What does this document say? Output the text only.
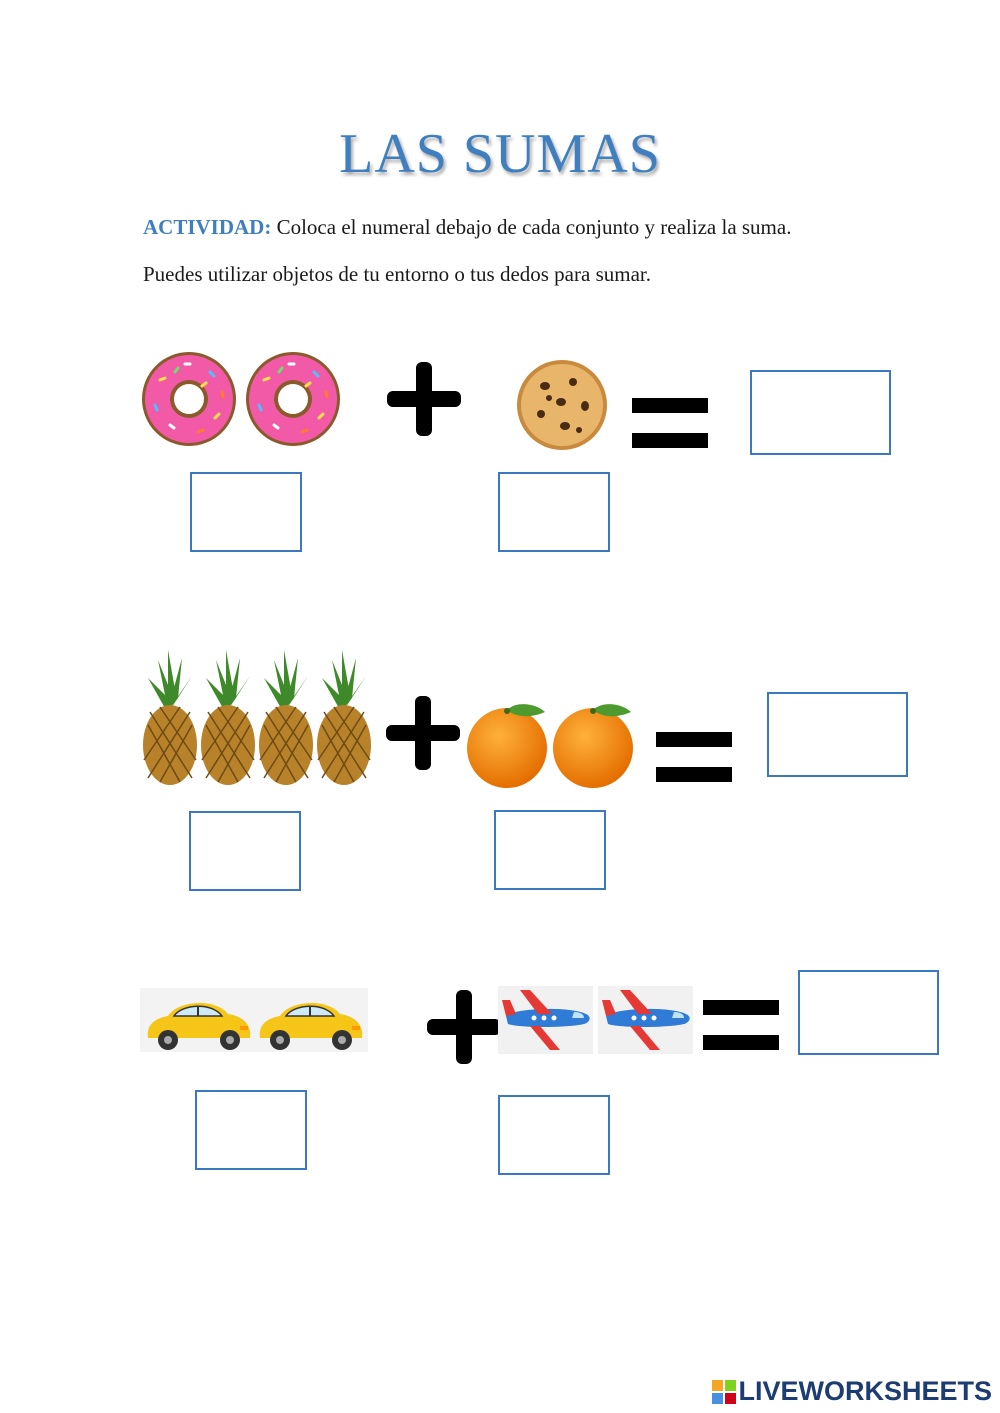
LAS SUMAS
ACTIVIDAD: Coloca el numeral debajo de cada conjunto y realiza la suma.
Puedes utilizar objetos de tu entorno o tus dedos para sumar.
LIVEWORKSHEETS
